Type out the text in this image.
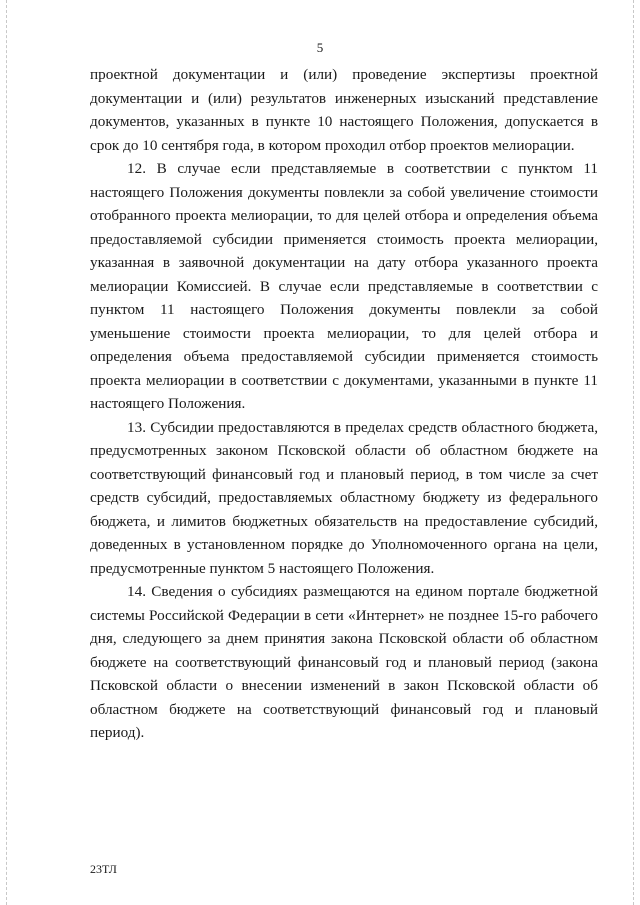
5

проектной документации и (или) проведение экспертизы проектной документации и (или) результатов инженерных изысканий представление документов, указанных в пункте 10 настоящего Положения, допускается в срок до 10 сентября года, в котором проходил отбор проектов мелиорации.

12. В случае если представляемые в соответствии с пунктом 11 настоящего Положения документы повлекли за собой увеличение стоимости отобранного проекта мелиорации, то для целей отбора и определения объема предоставляемой субсидии применяется стоимость проекта мелиорации, указанная в заявочной документации на дату отбора указанного проекта мелиорации Комиссией. В случае если представляемые в соответствии с пунктом 11 настоящего Положения документы повлекли за собой уменьшение стоимости проекта мелиорации, то для целей отбора и определения объема предоставляемой субсидии применяется стоимость проекта мелиорации в соответствии с документами, указанными в пункте 11 настоящего Положения.

13. Субсидии предоставляются в пределах средств областного бюджета, предусмотренных законом Псковской области об областном бюджете на соответствующий финансовый год и плановый период, в том числе за счет средств субсидий, предоставляемых областному бюджету из федерального бюджета, и лимитов бюджетных обязательств на предоставление субсидий, доведенных в установленном порядке до Уполномоченного органа на цели, предусмотренные пунктом 5 настоящего Положения.

14. Сведения о субсидиях размещаются на едином портале бюджетной системы Российской Федерации в сети «Интернет» не позднее 15-го рабочего дня, следующего за днем принятия закона Псковской области об областном бюджете на соответствующий финансовый год и плановый период (закона Псковской области о внесении изменений в закон Псковской области об областном бюджете на соответствующий финансовый год и плановый период).

23ТЛ
